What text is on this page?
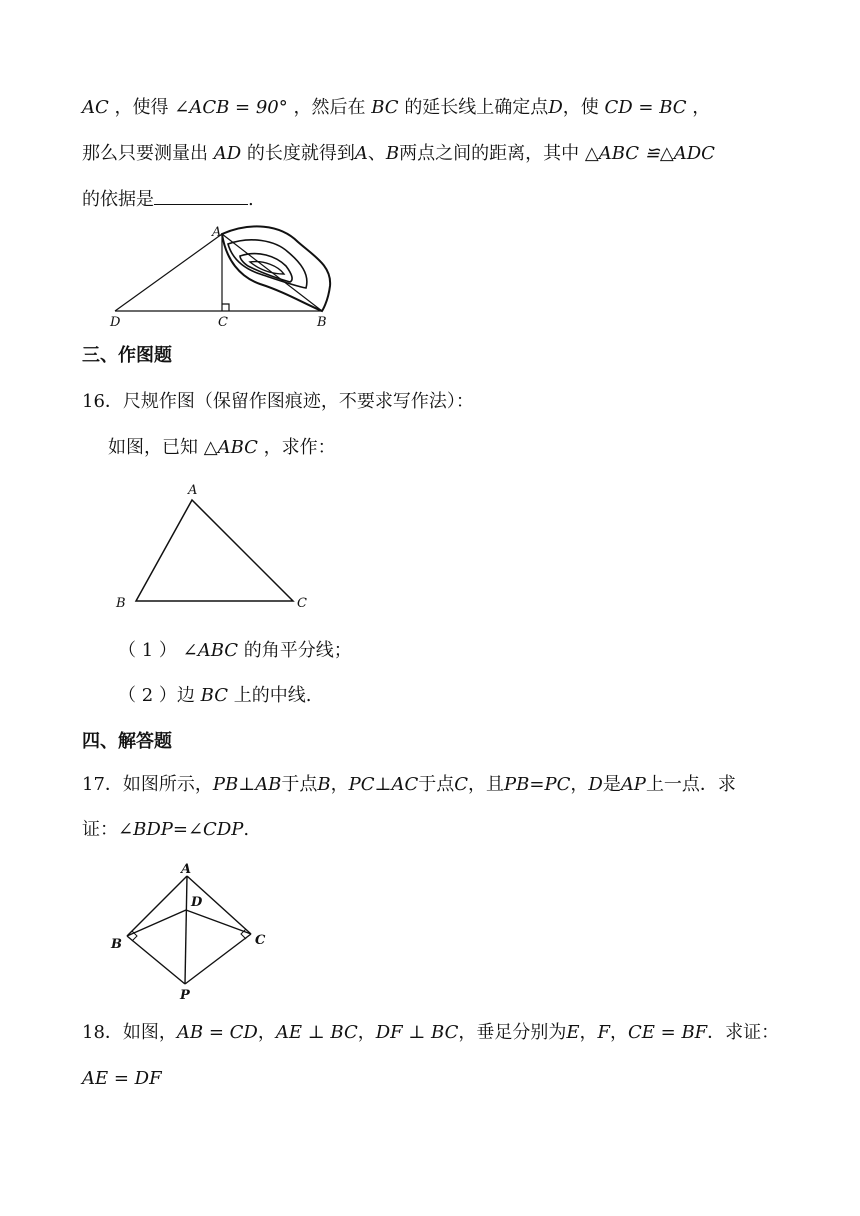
AC ，使得 ∠ACB = 90° ，然后在 BC 的延长线上确定点D，使 CD = BC ，
那么只要测量出 AD 的长度就得到A、B两点之间的距离，其中 △ABC ≌△ADC
的依据是	.
A
D	C	B
三、作图题
16．尺规作图（保留作图痕迹，不要求写作法）：
如图，已知 △ABC ，求作：
A
B	C
（ 1 ） ∠ABC 的角平分线；
（ 2 ）边 BC 上的中线.
四、解答题
17．如图所示，PB⊥AB于点B，PC⊥AC于点C，且PB=PC，D是AP上一点．求
证：∠BDP=∠CDP.
A
D
B	C
P
18．如图，AB = CD，AE ⊥ BC，DF ⊥ BC，垂足分别为E，F，CE = BF．求证：
AE = DF
